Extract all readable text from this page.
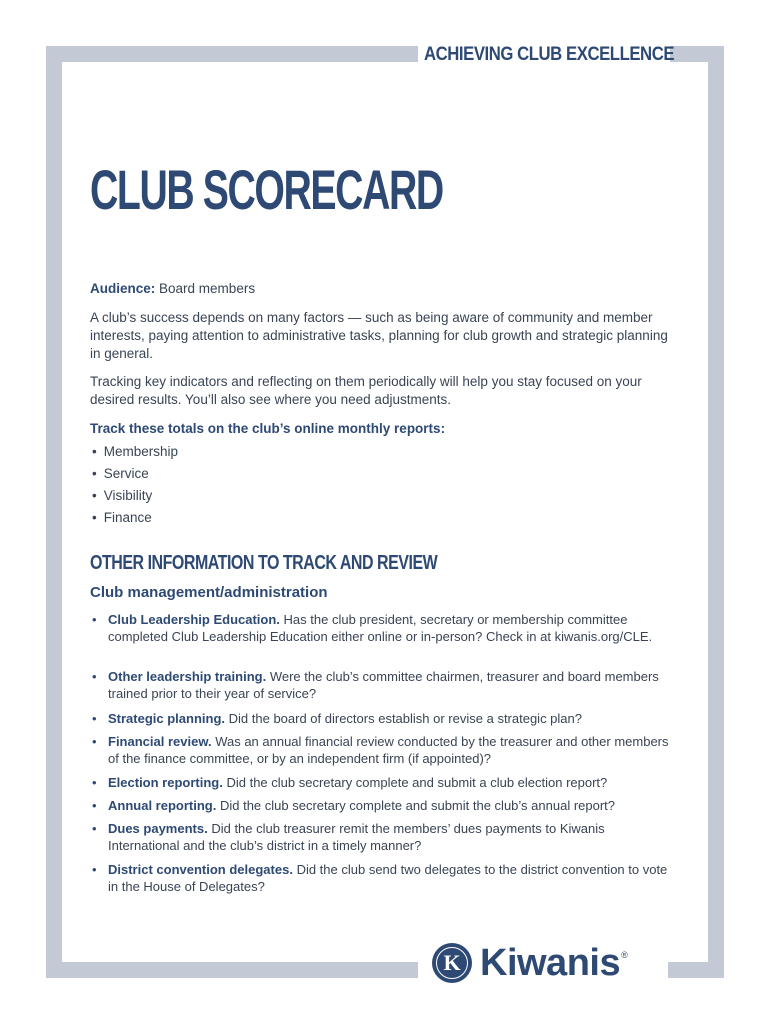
ACHIEVING CLUB EXCELLENCE
CLUB SCORECARD

Audience: Board members

A club’s success depends on many factors — such as being aware of community and member interests, paying attention to administrative tasks, planning for club growth and strategic planning in general.

Tracking key indicators and reflecting on them periodically will help you stay focused on your desired results. You’ll also see where you need adjustments.

Track these totals on the club’s online monthly reports:

• Membership
• Service
• Visibility
• Finance
OTHER INFORMATION TO TRACK AND REVIEW
Club management/administration
• Club Leadership Education. Has the club president, secretary or membership committee completed Club Leadership Education either online or in-person? Check in at kiwanis.org/CLE.
• Other leadership training. Were the club’s committee chairmen, treasurer and board members trained prior to their year of service?
• Strategic planning. Did the board of directors establish or revise a strategic plan?
• Financial review. Was an annual financial review conducted by the treasurer and other members of the finance committee, or by an independent firm (if appointed)?
• Election reporting. Did the club secretary complete and submit a club election report?
• Annual reporting. Did the club secretary complete and submit the club’s annual report?
• Dues payments. Did the club treasurer remit the members’ dues payments to Kiwanis International and the club’s district in a timely manner?
• District convention delegates. Did the club send two delegates to the district convention to vote in the House of Delegates?
K Kiwanis ®
